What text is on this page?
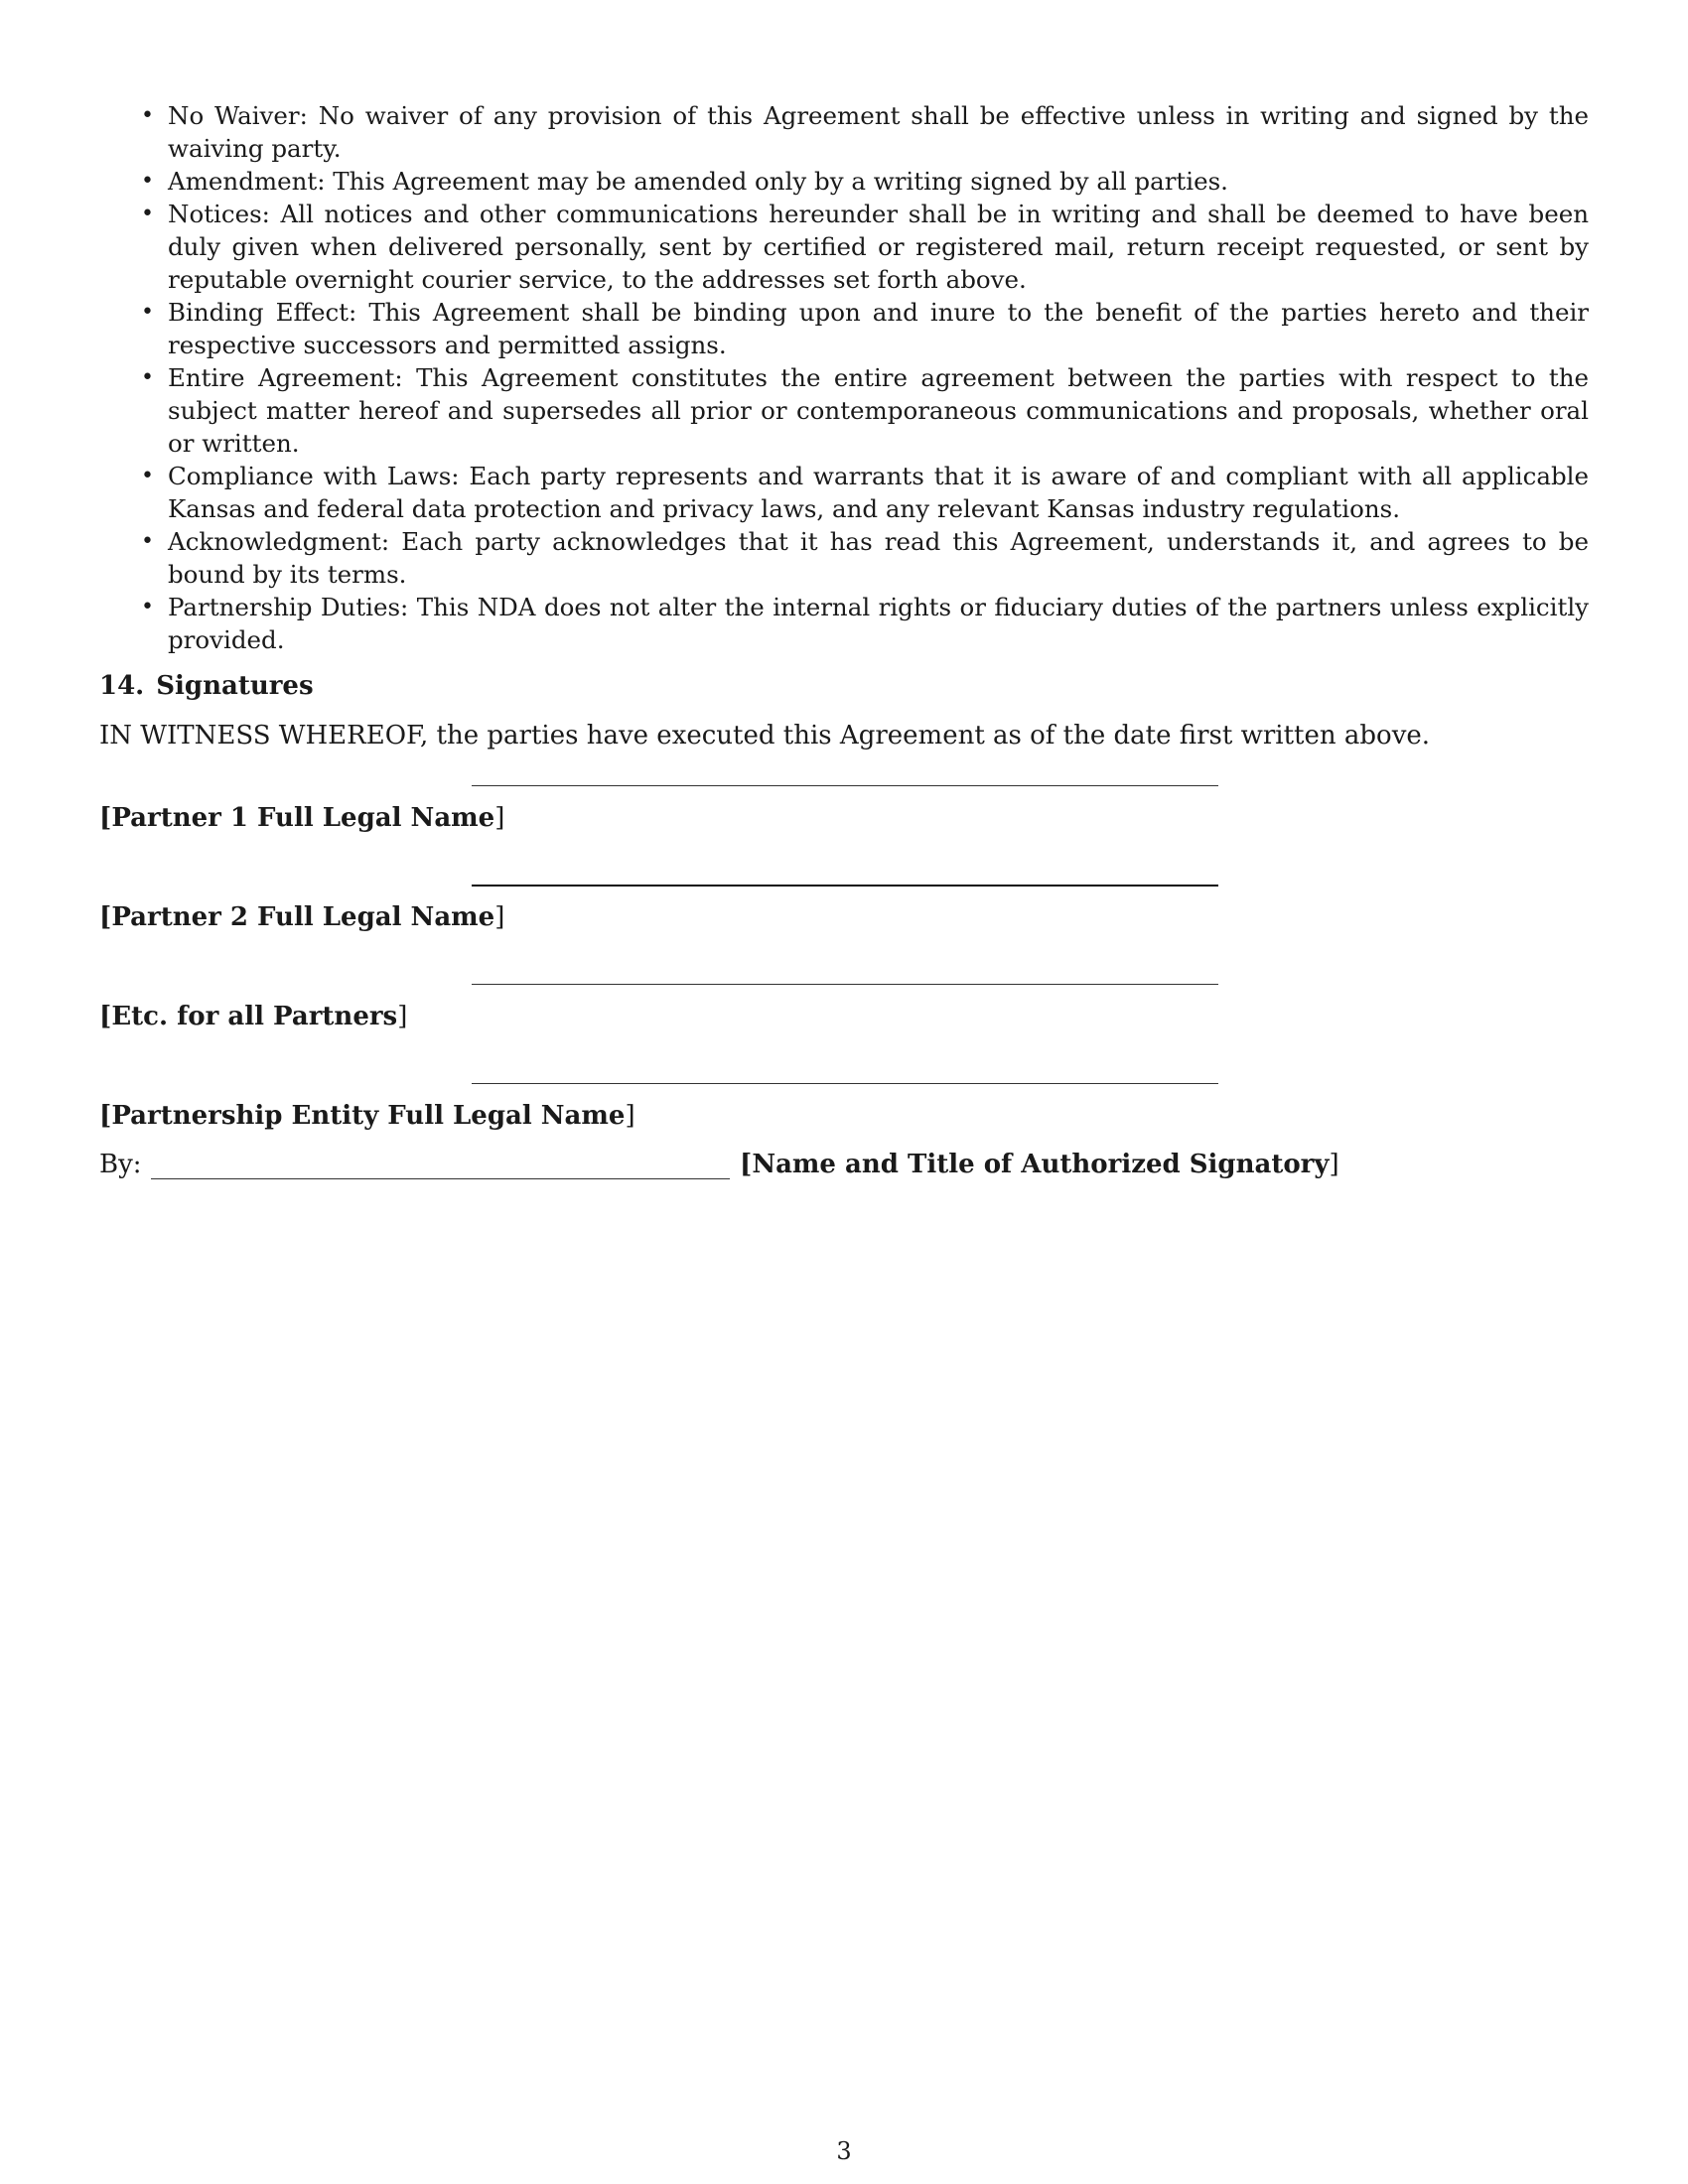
• No Waiver: No waiver of any provision of this Agreement shall be effective unless in writing and signed by the waiving party.
• Amendment: This Agreement may be amended only by a writing signed by all parties.
• Notices: All notices and other communications hereunder shall be in writing and shall be deemed to have been duly given when delivered personally, sent by certified or registered mail, return receipt requested, or sent by reputable overnight courier service, to the addresses set forth above.
• Binding Effect: This Agreement shall be binding upon and inure to the benefit of the parties hereto and their respective successors and permitted assigns.
• Entire Agreement: This Agreement constitutes the entire agreement between the parties with respect to the subject matter hereof and supersedes all prior or contemporaneous communications and proposals, whether oral or written.
• Compliance with Laws: Each party represents and warrants that it is aware of and compliant with all applicable Kansas and federal data protection and privacy laws, and any relevant Kansas industry regulations.
• Acknowledgment: Each party acknowledges that it has read this Agreement, understands it, and agrees to be bound by its terms.
• Partnership Duties: This NDA does not alter the internal rights or fiduciary duties of the partners unless explicitly provided.
14. Signatures
IN WITNESS WHEREOF, the parties have executed this Agreement as of the date first written above.
[Partner 1 Full Legal Name]
[Partner 2 Full Legal Name]
[Etc. for all Partners]
[Partnership Entity Full Legal Name]
By:	[Name and Title of Authorized Signatory]
3
